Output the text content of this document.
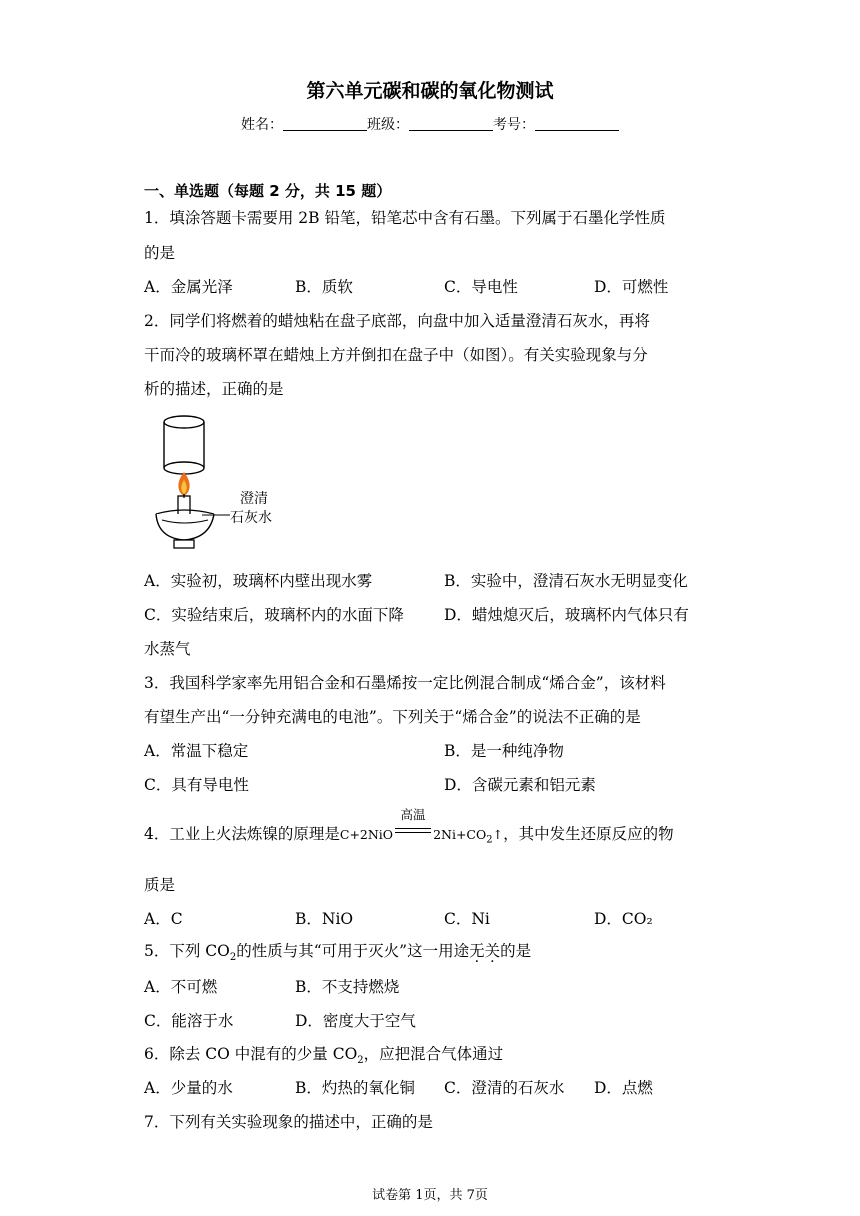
第六单元碳和碳的氧化物测试
姓名：	班级：	考号：
一、单选题（每题 2 分，共 15 题）
1．填涂答题卡需要用 2B 铅笔，铅笔芯中含有石墨。下列属于石墨化学性质
的是
A．金属光泽	B．质软	C．导电性	D．可燃性
2．同学们将燃着的蜡烛粘在盘子底部，向盘中加入适量澄清石灰水，再将
干而冷的玻璃杯罩在蜡烛上方并倒扣在盘子中（如图）。有关实验现象与分
析的描述，正确的是
澄清
石灰水
A．实验初，玻璃杯内壁出现水雾	B．实验中，澄清石灰水无明显变化
C．实验结束后，玻璃杯内的水面下降	D．蜡烛熄灭后，玻璃杯内气体只有
水蒸气
3．我国科学家率先用铝合金和石墨烯按一定比例混合制成“烯合金”，该材料
有望生产出“一分钟充满电的电池”。下列关于“烯合金”的说法不正确的是
A．常温下稳定	B．是一种纯净物
C．具有导电性	D．含碳元素和铝元素
4．工业上火法炼镍的原理是C+2NiO
高温
$2Ni+CO_2↑$，其中发生还原反应的物
质是
A．C	B．NiO	C．Ni	D．CO₂
5．下列 $CO_2$的性质与其“可用于灭火”这一用途无关的是
A．不可燃	B．不支持燃烧
C．能溶于水	D．密度大于空气
6．除去 CO 中混有的少量 $CO_2$，应把混合气体通过
A．少量的水	B．灼热的氧化铜 C．澄清的石灰水 D．点燃
7．下列有关实验现象的描述中，正确的是
试卷第 1页，共 7页
